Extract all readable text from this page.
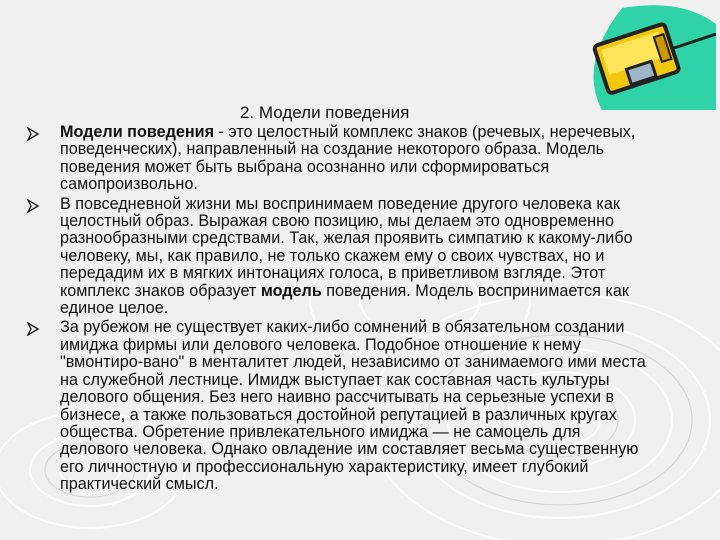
2. Модели поведения

Модели поведения - это целостный комплекс знаков (речевых, неречевых, поведенческих), направленный на создание некоторого образа. Модель поведения может быть выбрана осознанно или сформироваться самопроизвольно.

В повседневной жизни мы воспринимаем поведение другого человека как целостный образ. Выражая свою позицию, мы делаем это одновременно разнообразными средствами. Так, желая проявить симпатию к какому-либо человеку, мы, как правило, не только скажем ему о своих чувствах, но и передадим их в мягких интонациях голоса, в приветливом взгляде. Этот комплекс знаков образует модель поведения. Модель воспринимается как единое целое.

За рубежом не существует каких-либо сомнений в обязательном создании имиджа фирмы или делового человека. Подобное отношение к нему "вмонтиро-вано" в менталитет людей, независимо от занимаемого ими места на служебной лестнице. Имидж выступает как составная часть культуры делового общения. Без него наивно рассчитывать на серьезные успехи в бизнесе, а также пользоваться достойной репутацией в различных кругах общества. Обретение привлекательного имиджа — не самоцель для делового человека. Однако овладение им составляет весьма существенную его личностную и профессиональную характеристику, имеет глубокий практический смысл.
